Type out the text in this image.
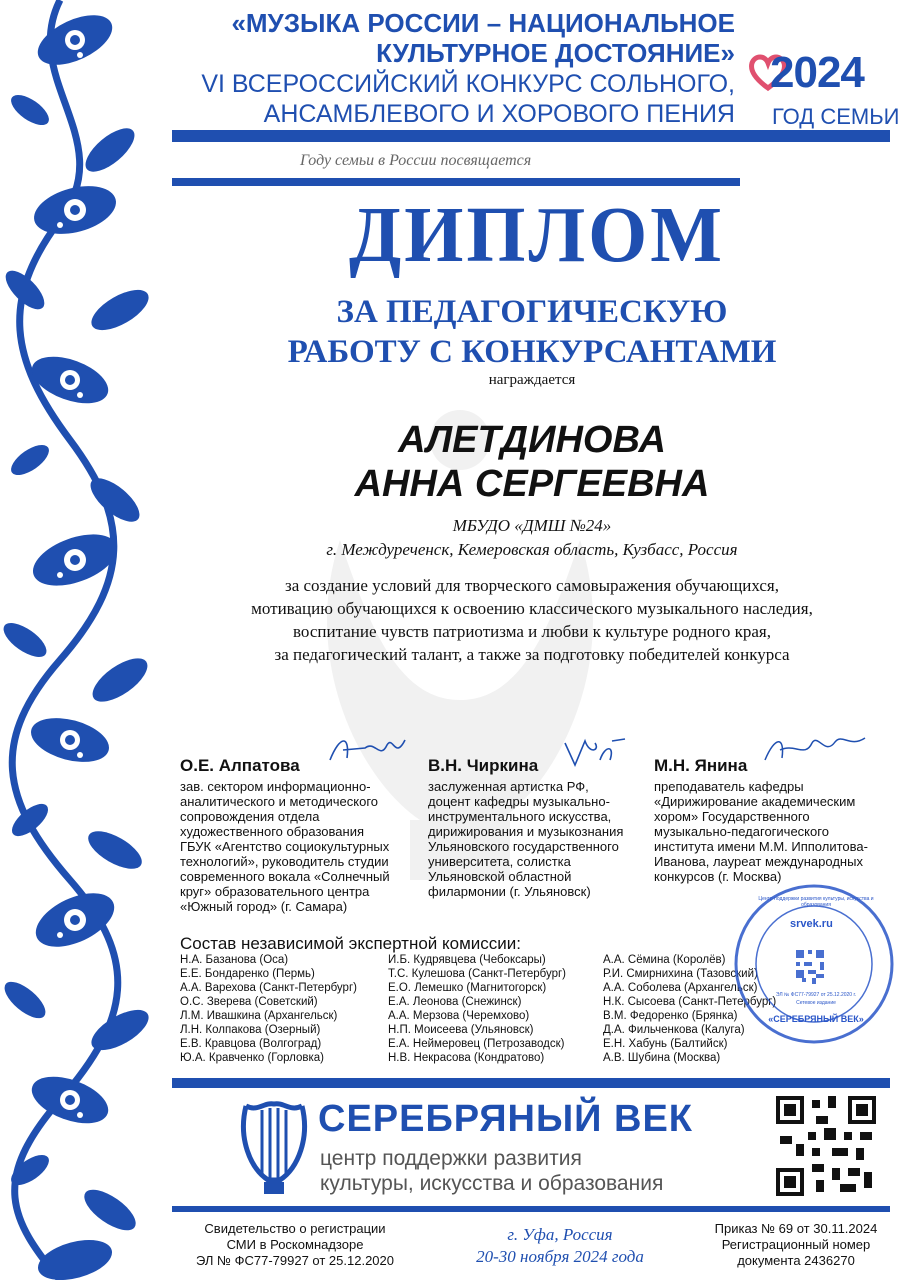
«МУЗЫКА РОССИИ – НАЦИОНАЛЬНОЕ
КУЛЬТУРНОЕ ДОСТОЯНИЕ»
VI ВСЕРОССИЙСКИЙ КОНКУРС СОЛЬНОГО,
АНСАМБЛЕВОГО И ХОРОВОГО ПЕНИЯ
Году семьи в России посвящается
2024
ГОД СЕМЬИ
ДИПЛОМ
ЗА ПЕДАГОГИЧЕСКУЮ
РАБОТУ С КОНКУРСАНТАМИ
награждается
АЛЕТДИНОВА
АННА СЕРГЕЕВНА
МБУДО «ДМШ №24»
г. Междуреченск, Кемеровская область, Кузбасс, Россия
за создание условий для творческого самовыражения обучающихся,
мотивацию обучающихся к освоению классического музыкального наследия,
воспитание чувств патриотизма и любви к культуре родного края,
за педагогический талант, а также за подготовку победителей конкурса
О.Е. Алпатова
зав. сектором информационно-
аналитического и методического
сопровождения отдела
художественного образования
ГБУК «Агентство социокультурных
технологий», руководитель студии
современного вокала «Солнечный
круг» образовательного центра
«Южный город» (г. Самара)
В.Н. Чиркина
заслуженная артистка РФ,
доцент кафедры музыкально-
инструментального искусства,
дирижирования и музыкознания
Ульяновского государственного
университета, солистка
Ульяновской областной
филармонии (г. Ульяновск)
М.Н. Янина
преподаватель кафедры
«Дирижирование академическим
хором» Государственного
музыкально-педагогического
института имени М.М. Ипполитова-
Иванова, лауреат международных
конкурсов (г. Москва)
Состав независимой экспертной комиссии:
Н.А. Базанова (Оса)
Е.Е. Бондаренко (Пермь)
А.А. Варехова (Санкт-Петербург)
О.С. Зверева (Советский)
Л.М. Ивашкина (Архангельск)
Л.Н. Колпакова (Озерный)
Е.В. Кравцова (Волгоград)
Ю.А. Кравченко (Горловка)
И.Б. Кудрявцева (Чебоксары)
Т.С. Кулешова (Санкт-Петербург)
Е.О. Лемешко (Магнитогорск)
Е.А. Леонова (Снежинск)
А.А. Мерзова (Черемхово)
Н.П. Моисеева (Ульяновск)
Е.А. Неймеровец (Петрозаводск)
Н.В. Некрасова (Кондратово)
А.А. Сёмина (Королёв)
Р.И. Смирнихина (Тазовский)
А.А. Соболева (Архангельск)
Н.К. Сысоева (Санкт-Петербург)
В.М. Федоренко (Брянка)
Д.А. Фильченкова (Калуга)
Е.Н. Хабунь (Балтийск)
А.В. Шубина (Москва)
srvek.ru
Центр поддержки развития культуры, искусства и образования
ЭЛ № ФС77-79927 от 25.12.2020 г.
Сетевое издание
«СЕРЕБРЯНЫЙ ВЕК»
СЕРЕБРЯНЫЙ ВЕК
центр поддержки развития
культуры, искусства и образования
Свидетельство о регистрации
СМИ в Роскомнадзоре
ЭЛ № ФС77-79927 от 25.12.2020
г. Уфа, Россия
20-30 ноября 2024 года
Приказ № 69 от 30.11.2024
Регистрационный номер
документа 2436270
